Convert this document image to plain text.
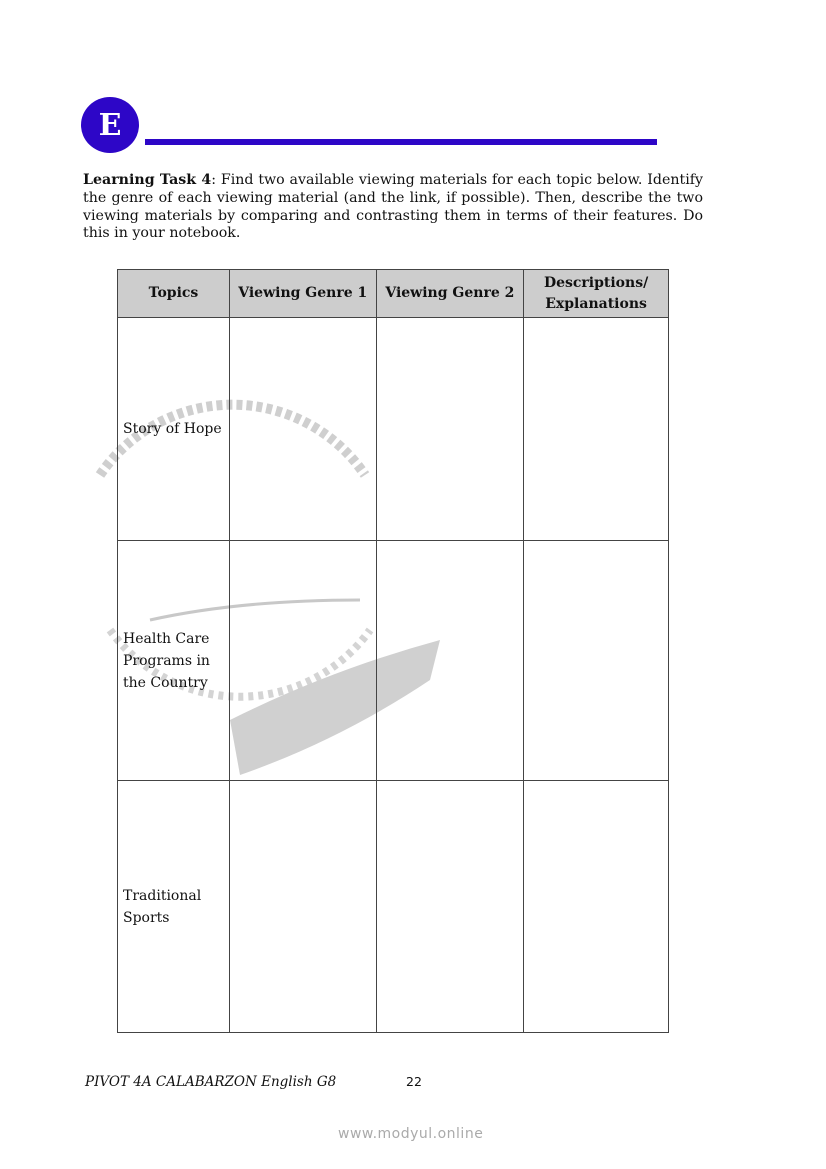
E
Learning Task 4: Find two available viewing materials for each topic below. Identify the genre of each viewing material (and the link, if possible). Then, describe the two viewing materials by comparing and contrasting them in terms of their features. Do this in your notebook.
Topics	Viewing Genre 1	Viewing Genre 2	Descriptions/ Explanations
Story of Hope			
Health Care Programs in the Country			
Traditional Sports			
PIVOT 4A CALABARZON English G8	22
www.modyul.online
